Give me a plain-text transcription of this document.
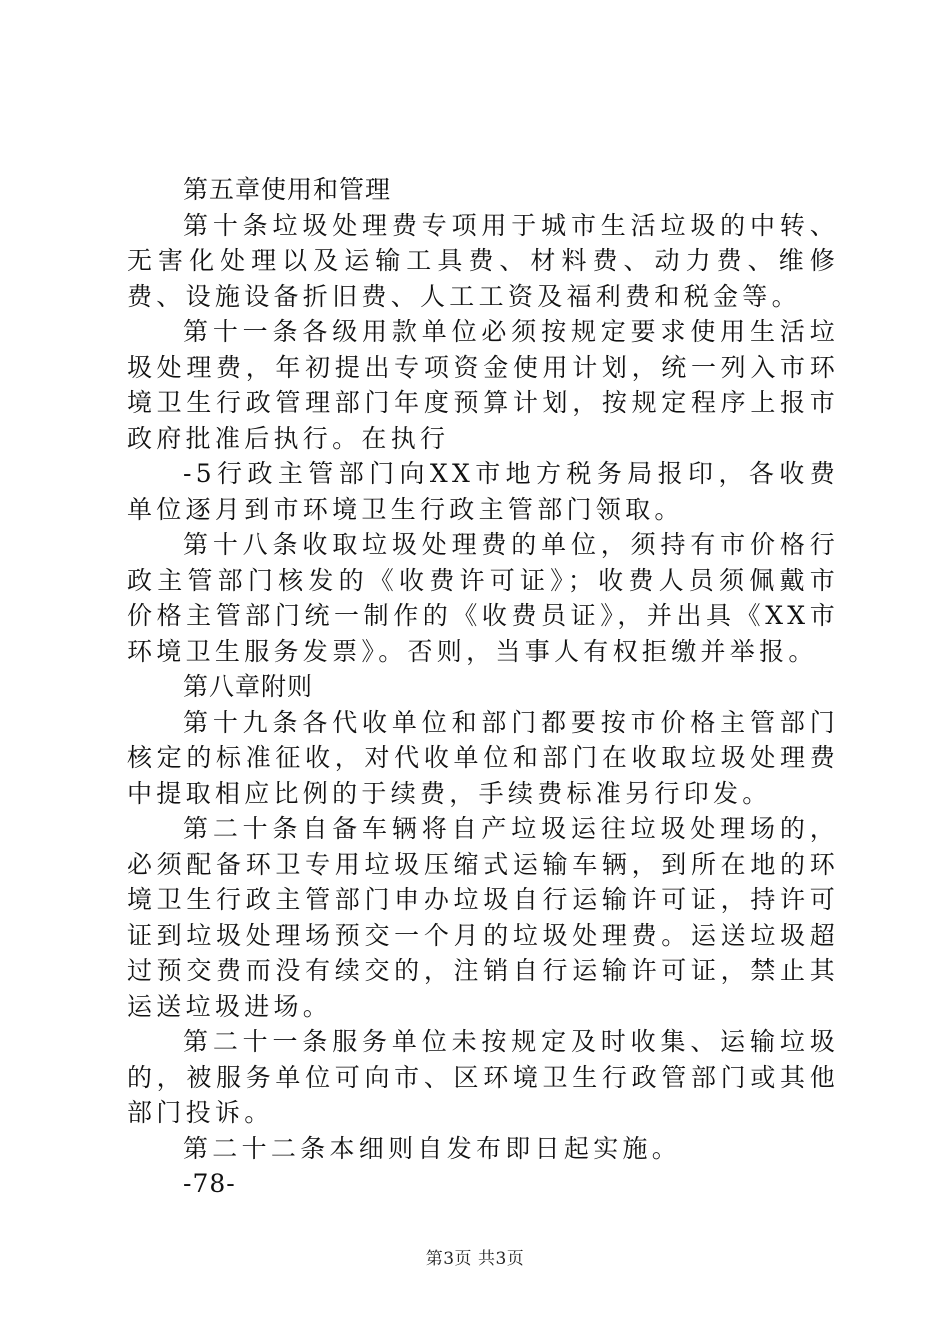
第五章使用和管理

第十条垃圾处理费专项用于城市生活垃圾的中转、无害化处理以及运输工具费、材料费、动力费、维修费、设施设备折旧费、人工工资及福利费和税金等。

第十一条各级用款单位必须按规定要求使用生活垃圾处理费，年初提出专项资金使用计划，统一列入市环境卫生行政管理部门年度预算计划，按规定程序上报市政府批准后执行。在执行

-5行政主管部门向XX市地方税务局报印，各收费单位逐月到市环境卫生行政主管部门领取。

第十八条收取垃圾处理费的单位，须持有市价格行政主管部门核发的《收费许可证》；收费人员须佩戴市价格主管部门统一制作的《收费员证》，并出具《XX市环境卫生服务发票》。否则，当事人有权拒缴并举报。

第八章附则

第十九条各代收单位和部门都要按市价格主管部门核定的标准征收，对代收单位和部门在收取垃圾处理费中提取相应比例的于续费，手续费标准另行印发。

第二十条自备车辆将自产垃圾运往垃圾处理场的，必须配备环卫专用垃圾压缩式运输车辆，到所在地的环境卫生行政主管部门申办垃圾自行运输许可证，持许可证到垃圾处理场预交一个月的垃圾处理费。运送垃圾超过预交费而没有续交的，注销自行运输许可证，禁止其运送垃圾进场。

第二十一条服务单位未按规定及时收集、运输垃圾的，被服务单位可向市、区环境卫生行政管部门或其他部门投诉。

第二十二条本细则自发布即日起实施。

-78-

第3页 共3页
